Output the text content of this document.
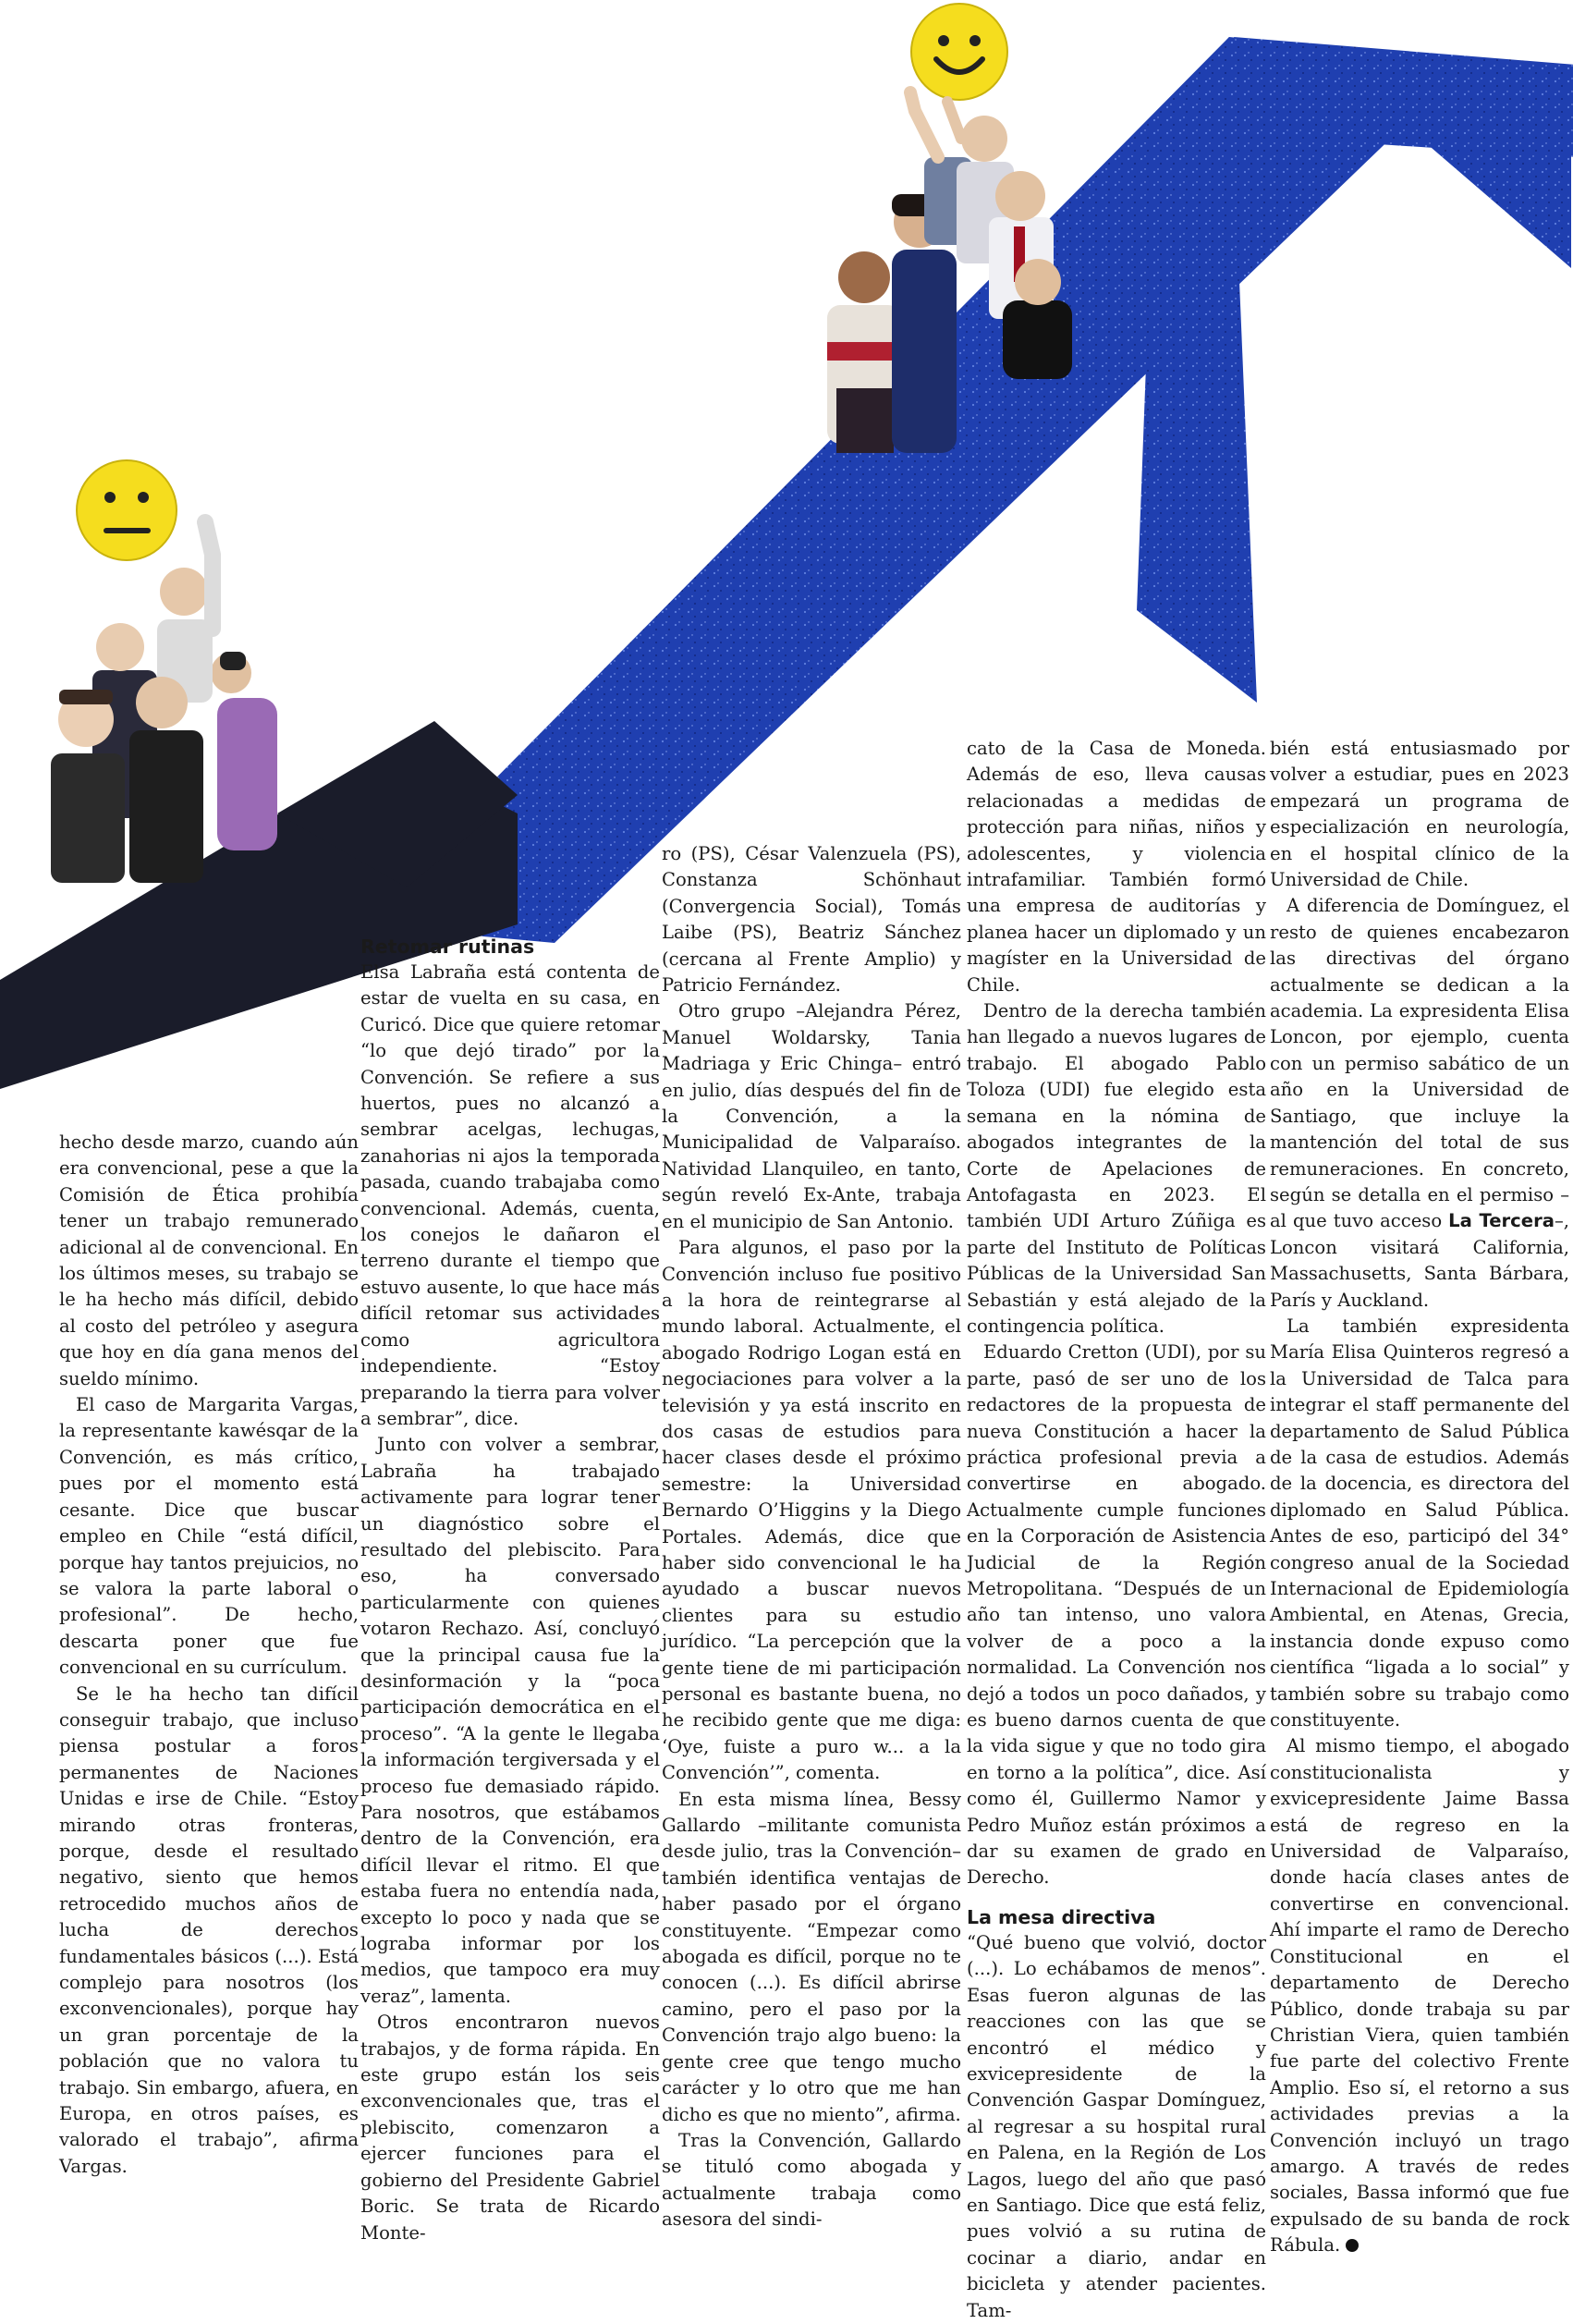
hecho desde marzo, cuando aún era convencional, pese a que la Comisión de Ética prohibía tener un trabajo remunerado adicional al de convencional. En los últimos meses, su trabajo se le ha hecho más difícil, debido al costo del petróleo y asegura que hoy en día gana menos del sueldo mínimo.

El caso de Margarita Vargas, la representante kawésqar de la Convención, es más crítico, pues por el momento está cesante. Dice que buscar empleo en Chile “está difícil, porque hay tantos prejuicios, no se valora la parte laboral o profesional”. De hecho, descarta poner que fue convencional en su currículum.

Se le ha hecho tan difícil conseguir trabajo, que incluso piensa postular a foros permanentes de Naciones Unidas e irse de Chile. “Estoy mirando otras fronteras, porque, desde el resultado negativo, siento que hemos retrocedido muchos años de lucha de derechos fundamentales básicos (...). Está complejo para nosotros (los exconvencionales), porque hay un gran porcentaje de la población que no valora tu trabajo. Sin embargo, afuera, en Europa, en otros países, es valorado el trabajo”, afirma Vargas.

Retomar rutinas

Elsa Labraña está contenta de estar de vuelta en su casa, en Curicó. Dice que quiere retomar “lo que dejó tirado” por la Convención. Se refiere a sus huertos, pues no alcanzó a sembrar acelgas, lechugas, zanahorias ni ajos la temporada pasada, cuando trabajaba como convencional. Además, cuenta, los conejos le dañaron el terreno durante el tiempo que estuvo ausente, lo que hace más difícil retomar sus actividades como agricultora independiente. “Estoy preparando la tierra para volver a sembrar”, dice.

Junto con volver a sembrar, Labraña ha trabajado activamente para lograr tener un diagnóstico sobre el resultado del plebiscito. Para eso, ha conversado particularmente con quienes votaron Rechazo. Así, concluyó que la principal causa fue la desinformación y la “poca participación democrática en el proceso”. “A la gente le llegaba la información tergiversada y el proceso fue demasiado rápido. Para nosotros, que estábamos dentro de la Convención, era difícil llevar el ritmo. El que estaba fuera no entendía nada, excepto lo poco y nada que se lograba informar por los medios, que tampoco era muy veraz”, lamenta.

Otros encontraron nuevos trabajos, y de forma rápida. En este grupo están los seis exconvencionales que, tras el plebiscito, comenzaron a ejercer funciones para el gobierno del Presidente Gabriel Boric. Se trata de Ricardo Monte-

ro (PS), César Valenzuela (PS), Constanza Schönhaut (Convergencia Social), Tomás Laibe (PS), Beatriz Sánchez (cercana al Frente Amplio) y Patricio Fernández.

Otro grupo –Alejandra Pérez, Manuel Woldarsky, Tania Madriaga y Eric Chinga– entró en julio, días después del fin de la Convención, a la Municipalidad de Valparaíso. Natividad Llanquileo, en tanto, según reveló Ex-Ante, trabaja en el municipio de San Antonio.

Para algunos, el paso por la Convención incluso fue positivo a la hora de reintegrarse al mundo laboral. Actualmente, el abogado Rodrigo Logan está en negociaciones para volver a la televisión y ya está inscrito en dos casas de estudios para hacer clases desde el próximo semestre: la Universidad Bernardo O’Higgins y la Diego Portales. Además, dice que haber sido convencional le ha ayudado a buscar nuevos clientes para su estudio jurídico. “La percepción que la gente tiene de mi participación personal es bastante buena, no he recibido gente que me diga: ‘Oye, fuiste a puro w... a la Convención’”, comenta.

En esta misma línea, Bessy Gallardo –militante comunista desde julio, tras la Convención– también identifica ventajas de haber pasado por el órgano constituyente. “Empezar como abogada es difícil, porque no te conocen (...). Es difícil abrirse camino, pero el paso por la Convención trajo algo bueno: la gente cree que tengo mucho carácter y lo otro que me han dicho es que no miento”, afirma.

Tras la Convención, Gallardo se tituló como abogada y actualmente trabaja como asesora del sindi-

cato de la Casa de Moneda. Además de eso, lleva causas relacionadas a medidas de protección para niñas, niños y adolescentes, y violencia intrafamiliar. También formó una empresa de auditorías y planea hacer un diplomado y un magíster en la Universidad de Chile.

Dentro de la derecha también han llegado a nuevos lugares de trabajo. El abogado Pablo Toloza (UDI) fue elegido esta semana en la nómina de abogados integrantes de la Corte de Apelaciones de Antofagasta en 2023. El también UDI Arturo Zúñiga es parte del Instituto de Políticas Públicas de la Universidad San Sebastián y está alejado de la contingencia política.

Eduardo Cretton (UDI), por su parte, pasó de ser uno de los redactores de la propuesta de nueva Constitución a hacer la práctica profesional previa a convertirse en abogado. Actualmente cumple funciones en la Corporación de Asistencia Judicial de la Región Metropolitana. “Después de un año tan intenso, uno valora volver de a poco a la normalidad. La Convención nos dejó a todos un poco dañados, y es bueno darnos cuenta de que la vida sigue y que no todo gira en torno a la política”, dice. Así como él, Guillermo Namor y Pedro Muñoz están próximos a dar su examen de grado en Derecho.

La mesa directiva

“Qué bueno que volvió, doctor (...). Lo echábamos de menos”. Esas fueron algunas de las reacciones con las que se encontró el médico y exvicepresidente de la Convención Gaspar Domínguez, al regresar a su hospital rural en Palena, en la Región de Los Lagos, luego del año que pasó en Santiago. Dice que está feliz, pues volvió a su rutina de cocinar a diario, andar en bicicleta y atender pacientes. Tam-

bién está entusiasmado por volver a estudiar, pues en 2023 empezará un programa de especialización en neurología, en el hospital clínico de la Universidad de Chile.

A diferencia de Domínguez, el resto de quienes encabezaron las directivas del órgano actualmente se dedican a la academia. La expresidenta Elisa Loncon, por ejemplo, cuenta con un permiso sabático de un año en la Universidad de Santiago, que incluye la mantención del total de sus remuneraciones. En concreto, según se detalla en el permiso –al que tuvo acceso La Tercera–, Loncon visitará California, Massachusetts, Santa Bárbara, París y Auckland.

La también expresidenta María Elisa Quinteros regresó a la Universidad de Talca para integrar el staff permanente del departamento de Salud Pública de la casa de estudios. Además de la docencia, es directora del diplomado en Salud Pública. Antes de eso, participó del 34° congreso anual de la Sociedad Internacional de Epidemiología Ambiental, en Atenas, Grecia, instancia donde expuso como científica “ligada a lo social” y también sobre su trabajo como constituyente.

Al mismo tiempo, el abogado constitucionalista y exvicepresidente Jaime Bassa está de regreso en la Universidad de Valparaíso, donde hacía clases antes de convertirse en convencional. Ahí imparte el ramo de Derecho Constitucional en el departamento de Derecho Público, donde trabaja su par Christian Viera, quien también fue parte del colectivo Frente Amplio. Eso sí, el retorno a sus actividades previas a la Convención incluyó un trago amargo. A través de redes sociales, Bassa informó que fue expulsado de su banda de rock Rábula.
